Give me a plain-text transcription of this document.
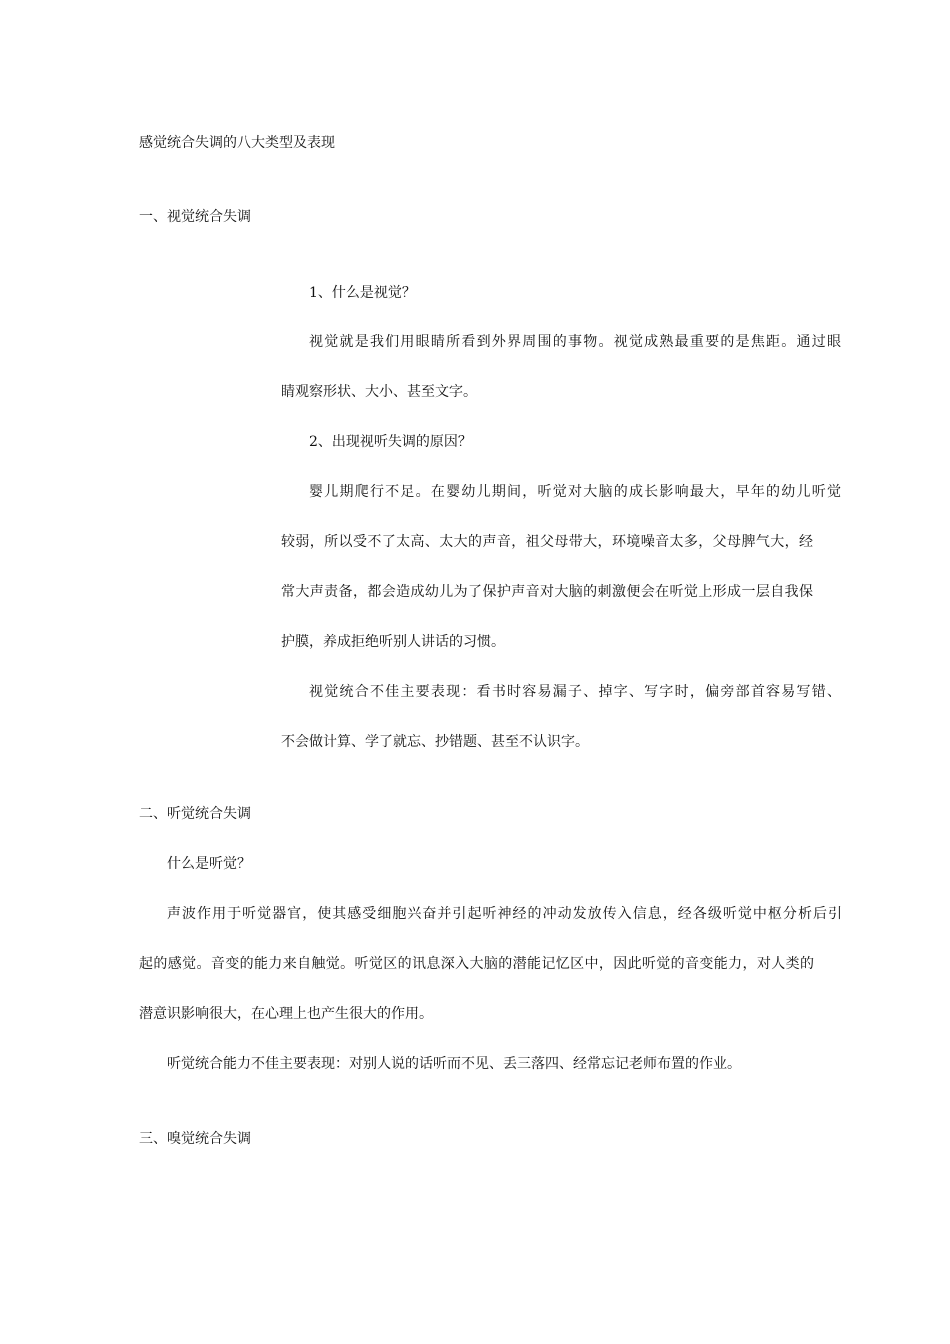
感觉统合失调的八大类型及表现

一、视觉统合失调

1、什么是视觉？

视觉就是我们用眼睛所看到外界周围的事物。视觉成熟最重要的是焦距。通过眼

睛观察形状、大小、甚至文字。

2、出现视听失调的原因？

婴儿期爬行不足。在婴幼儿期间，听觉对大脑的成长影响最大，早年的幼儿听觉

较弱，所以受不了太高、太大的声音，祖父母带大，环境噪音太多，父母脾气大，经

常大声责备，都会造成幼儿为了保护声音对大脑的刺激便会在听觉上形成一层自我保

护膜，养成拒绝听别人讲话的习惯。

视觉统合不佳主要表现：看书时容易漏子、掉字、写字时，偏旁部首容易写错、

不会做计算、学了就忘、抄错题、甚至不认识字。

二、听觉统合失调

什么是听觉？

声波作用于听觉器官，使其感受细胞兴奋并引起听神经的冲动发放传入信息，经各级听觉中枢分析后引

起的感觉。音变的能力来自触觉。听觉区的讯息深入大脑的潜能记忆区中，因此听觉的音变能力，对人类的

潜意识影响很大，在心理上也产生很大的作用。

听觉统合能力不佳主要表现：对别人说的话听而不见、丢三落四、经常忘记老师布置的作业。

三、嗅觉统合失调
